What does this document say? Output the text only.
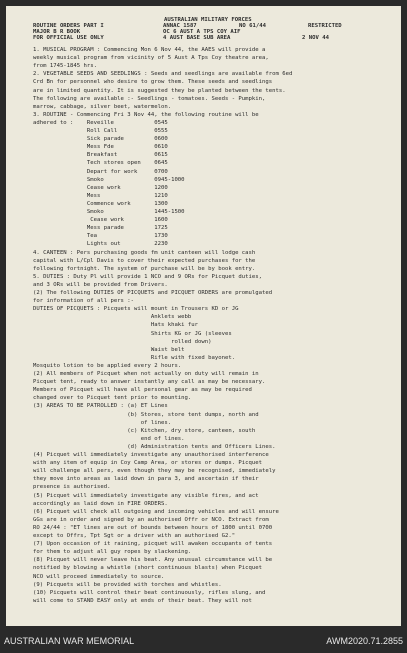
AUSTRALIAN MILITARY FORCES
ROUTINE ORDERS PART I	ANNAC 1587	NO 61/44	RESTRICTED
MAJOR B R BOOK	OC 6 AUST A TPS COY AIF
FOR OFFICIAL USE ONLY	4 AUST BASE SUB AREA	2 NOV 44
1. MUSICAL PROGRAM : Commencing Mon 6 Nov 44, the AAES will provide a
weekly musical program from vicinity of 5 Aust A Tps Coy theatre area,
from 1745-1845 hrs.
2. VEGETABLE SEEDS AND SEEDLINGS : Seeds and seedlings are available from 6ed
Crd Bn for personnel who desire to grow them. These seeds and seedlings
are in limited quantity. It is suggested they be planted between the tents.
The following are available :- Seedlings - tomatoes. Seeds - Pumpkin,
marrow, cabbage, silver beet, watermelon.
3. ROUTINE - Commencing Fri 3 Nov 44, the following routine will be
adhered to :    Reveille            0545
Roll Call           0555
Sick parade         0600
Mess Fde            0610
Breakfast           0615
Tech stores open    0645
Depart for work     0700
Smoko               0945-1000
Cease work          1200
Mess                1210
Commence work       1300
Smoko               1445-1500
Cease work         1600
Mess parade         1725
Tea                 1730
Lights out          2230
4. CANTEEN : Pers purchasing goods fm unit canteen will lodge cash
capital with L/Cpl Davis to cover their expected purchases for the
following fortnight. The system of purchase will be by book entry.
5. DUTIES : Duty Pl will provide 1 NCO and 9 ORs for Picquet duties,
and 3 ORs will be provided from Drivers.
(2) The following DUTIES OF PICQUETS and PICQUET ORDERS are promulgated
for information of all pers :-
DUTIES OF PICQUETS : Picquets will mount in Trousers KD or JG
Anklets webb
Hats khaki fur
Shirts KG or JG (sleeves
rolled down)
Waist belt
Rifle with fixed bayonet.
Mosquito lotion to be applied every 2 hours.
(2) All members of Picquet when not actually on duty will remain in
Picquet tent, ready to answer instantly any call as may be necessary.
Members of Picquet will have all personal gear as may be required
changed over to Picquet tent prior to mounting.
(3) AREAS TO BE PATROLLED : (a) ET Lines
(b) Stores, store tent dumps, north and
of lines.
(c) Kitchen, dry store, canteen, south
end of lines.
(d) Administration tents and Officers Lines.
(4) Picquet will immediately investigate any unauthorised interference
with any item of equip in Coy Camp Area, or stores or dumps. Picquet
will challenge all pers, even though they may be recognised, immediately
they move into areas as laid down in para 3, and ascertain if their
presence is authorised.
(5) Picquet will immediately investigate any visible fires, and act
accordingly as laid down in FIRE ORDERS.
(6) Picquet will check all outgoing and incoming vehicles and will ensure
GGs are in order and signed by an authorised Offr or NCO. Extract from
RO 24/44 : "ET lines are out of bounds between hours of 1800 until 0700
except to Offrs, Tpt Sgt or a driver with an authorised G2."
(7) Upon occasion of it raining, picquet will awaken occupants of tents
for them to adjust all guy ropes by slackening.
(8) Picquet will never leave his beat. Any unusual circumstance will be
notified by blowing a whistle (short continuous blasts) when Picquet
NCO will proceed immediately to source.
(9) Picquets will be provided with torches and whistles.
(10) Picquets will control their beat continuously, rifles slung, and
will come to STAND EASY only at ends of their beat. They will not
AUSTRALIAN WAR MEMORIAL	AWM2020.71.2855
